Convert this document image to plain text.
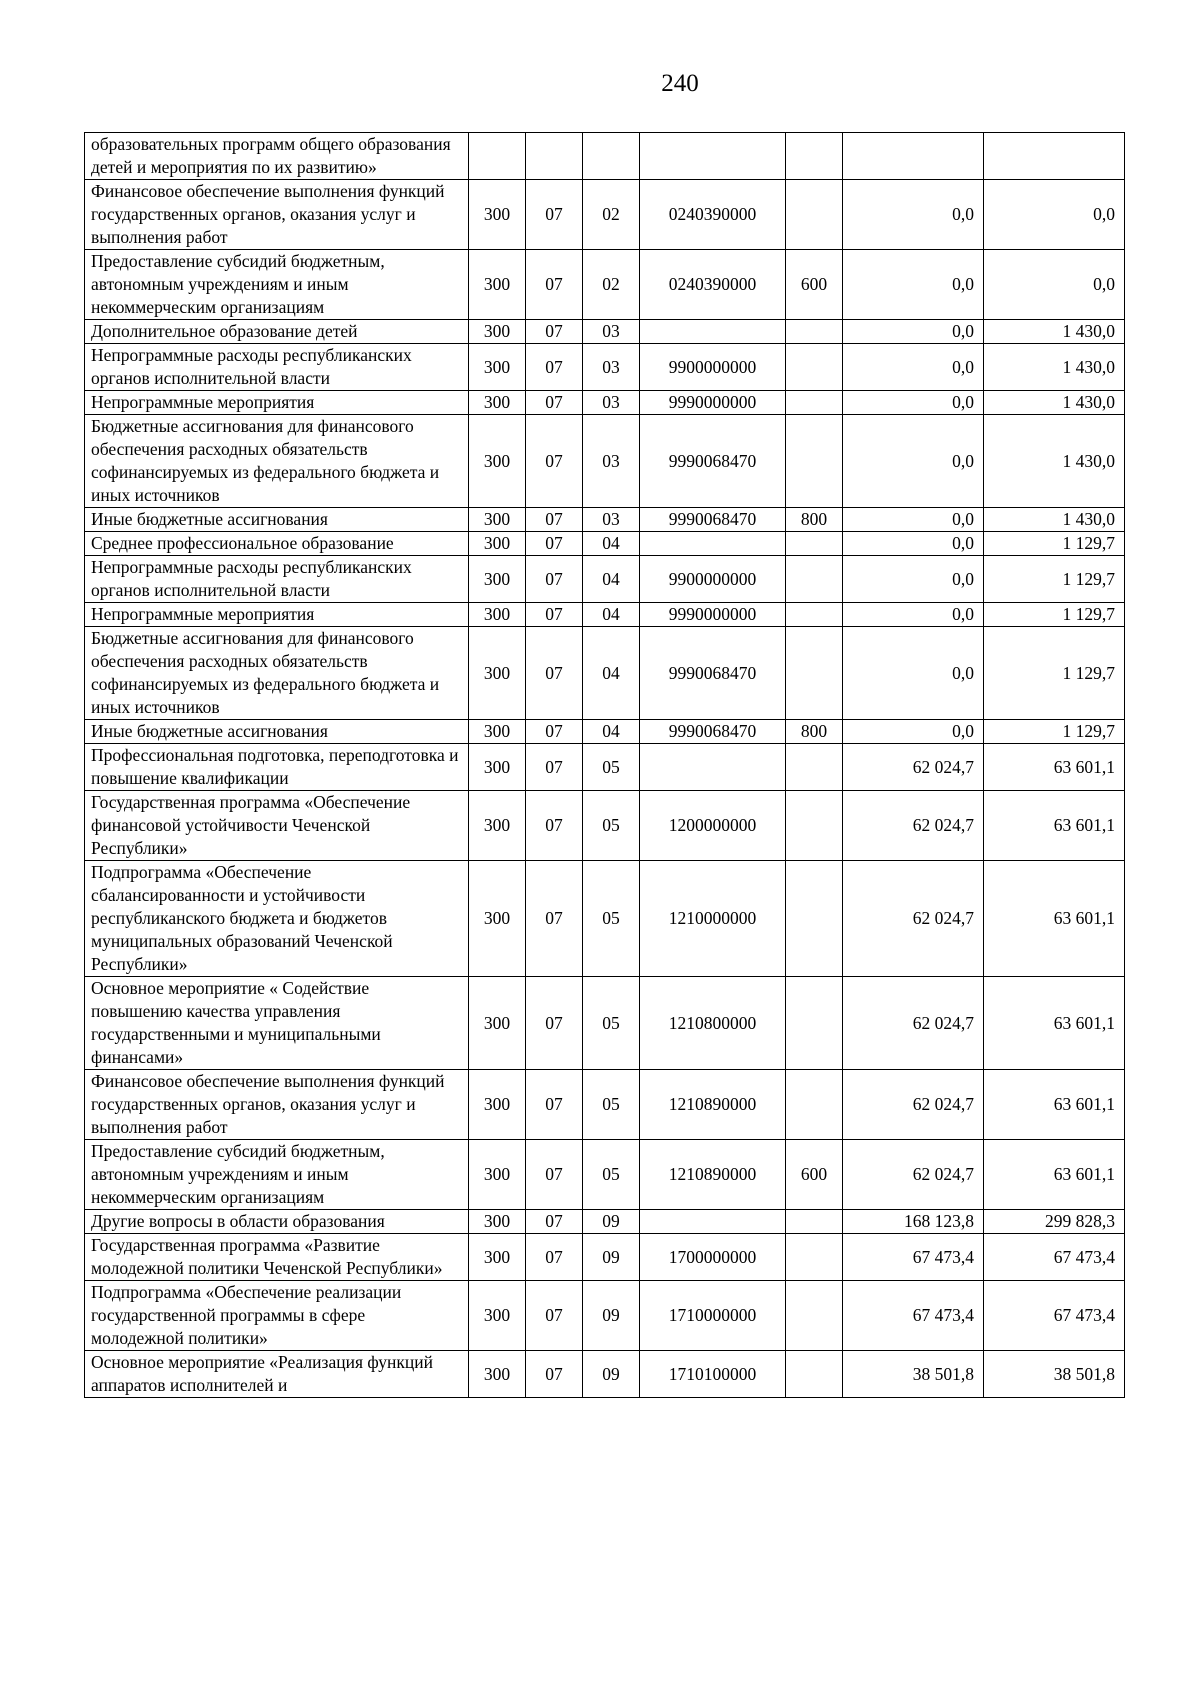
240
образовательных программ общего образования детей и мероприятия по их развитию»							
Финансовое обеспечение выполнения функций государственных органов, оказания услуг и выполнения работ	300	07	02	0240390000		0,0	0,0
Предоставление субсидий бюджетным, автономным учреждениям и иным некоммерческим организациям	300	07	02	0240390000	600	0,0	0,0
Дополнительное образование детей	300	07	03			0,0	1 430,0
Непрограммные расходы республиканских органов исполнительной власти	300	07	03	9900000000		0,0	1 430,0
Непрограммные мероприятия	300	07	03	9990000000		0,0	1 430,0
Бюджетные ассигнования для финансового обеспечения расходных обязательств софинансируемых из федерального бюджета и иных источников	300	07	03	9990068470		0,0	1 430,0
Иные бюджетные ассигнования	300	07	03	9990068470	800	0,0	1 430,0
Среднее профессиональное образование	300	07	04			0,0	1 129,7
Непрограммные расходы республиканских органов исполнительной власти	300	07	04	9900000000		0,0	1 129,7
Непрограммные мероприятия	300	07	04	9990000000		0,0	1 129,7
Бюджетные ассигнования для финансового обеспечения расходных обязательств софинансируемых из федерального бюджета и иных источников	300	07	04	9990068470		0,0	1 129,7
Иные бюджетные ассигнования	300	07	04	9990068470	800	0,0	1 129,7
Профессиональная подготовка, переподготовка и повышение квалификации	300	07	05			62 024,7	63 601,1
Государственная программа «Обеспечение финансовой устойчивости Чеченской Республики»	300	07	05	1200000000		62 024,7	63 601,1
Подпрограмма «Обеспечение сбалансированности и устойчивости республиканского бюджета и бюджетов муниципальных образований Чеченской Республики»	300	07	05	1210000000		62 024,7	63 601,1
Основное мероприятие « Содействие повышению качества управления государственными и муниципальными финансами»	300	07	05	1210800000		62 024,7	63 601,1
Финансовое обеспечение выполнения функций государственных органов, оказания услуг и выполнения работ	300	07	05	1210890000		62 024,7	63 601,1
Предоставление субсидий бюджетным, автономным учреждениям и иным некоммерческим организациям	300	07	05	1210890000	600	62 024,7	63 601,1
Другие вопросы в области образования	300	07	09			168 123,8	299 828,3
Государственная программа «Развитие молодежной политики Чеченской Республики»	300	07	09	1700000000		67 473,4	67 473,4
Подпрограмма «Обеспечение реализации государственной программы в сфере молодежной политики»	300	07	09	1710000000		67 473,4	67 473,4
Основное мероприятие «Реализация функций аппаратов исполнителей и	300	07	09	1710100000		38 501,8	38 501,8
